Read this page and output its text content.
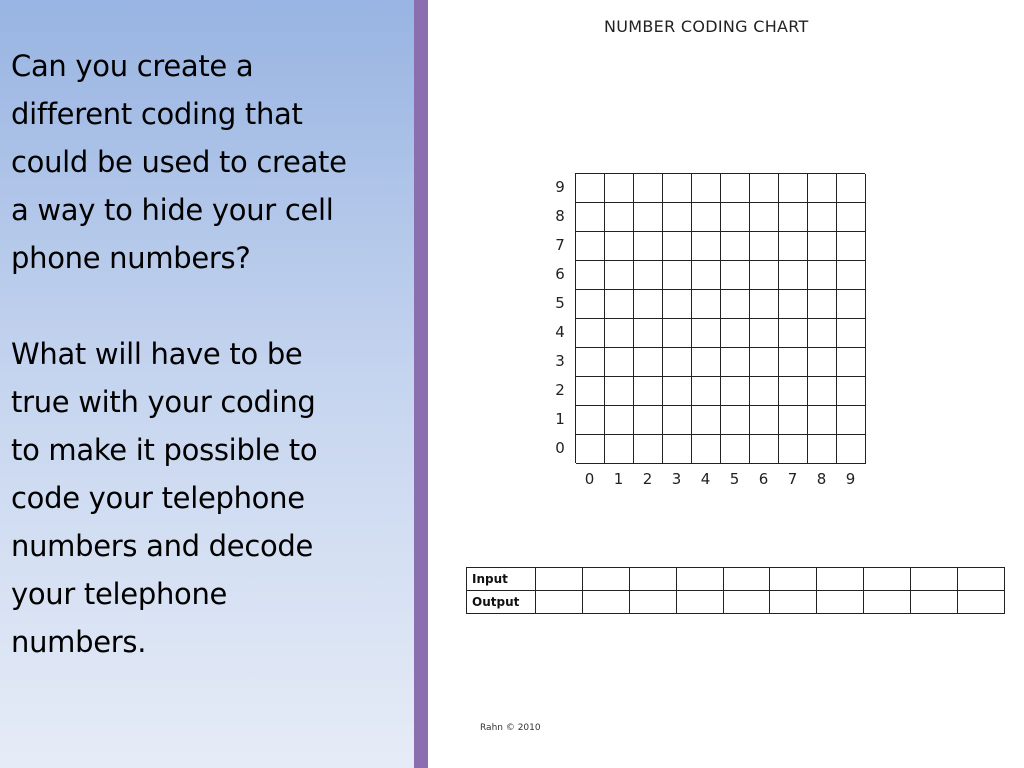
Can you create a
different coding that
could be used to create
a way to hide your cell
phone numbers?

What will have to be
true with your coding
to make it possible to
code your telephone
numbers and decode
your telephone
numbers.

NUMBER CODING CHART
9
8
7
6
5
4
3
2
1
0
0	1	2	3	4	5	6	7	8	9
Input										
Output										
Rahn © 2010
